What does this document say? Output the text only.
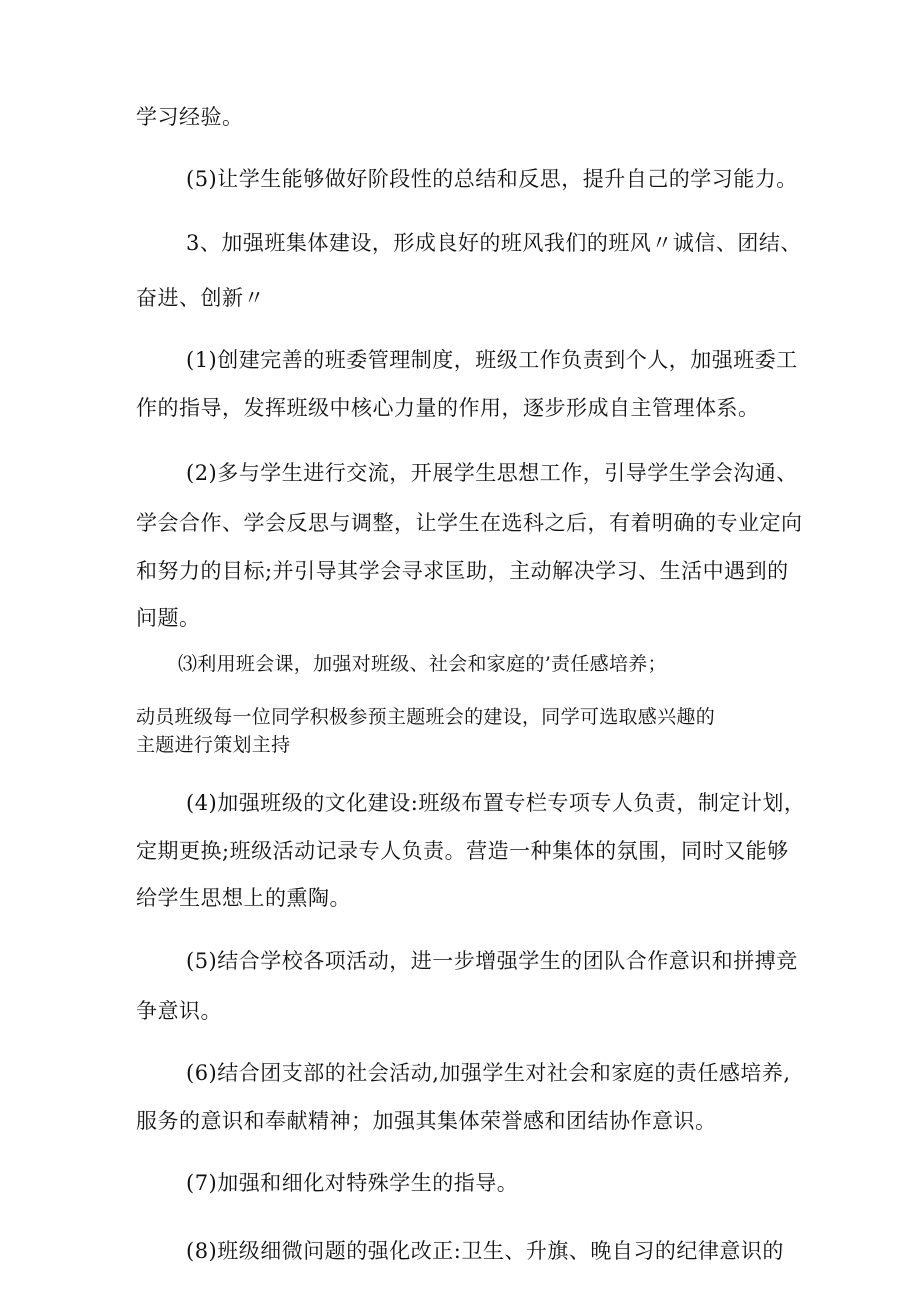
学习经验。
(5)让学生能够做好阶段性的总结和反思，提升自己的学习能力。
3、加强班集体建设，形成良好的班风我们的班风〃诚信、团结、
奋进、创新〃
(1)创建完善的班委管理制度，班级工作负责到个人，加强班委工
作的指导，发挥班级中核心力量的作用，逐步形成自主管理体系。
(2)多与学生进行交流，开展学生思想工作，引导学生学会沟通、
学会合作、学会反思与调整，让学生在选科之后，有着明确的专业定向
和努力的目标;并引导其学会寻求匡助，主动解决学习、生活中遇到的
问题。
⑶利用班会课，加强对班级、社会和家庭的’责任感培养；
动员班级每一位同学积极参预主题班会的建设，同学可选取感兴趣的
主题进行策划主持
(4)加强班级的文化建设:班级布置专栏专项专人负责，制定计划，
定期更换;班级活动记录专人负责。营造一种集体的氛围，同时又能够
给学生思想上的熏陶。
(5)结合学校各项活动，进一步增强学生的团队合作意识和拼搏竞
争意识。
(6)结合团支部的社会活动,加强学生对社会和家庭的责任感培养,
服务的意识和奉献精神；加强其集体荣誉感和团结协作意识。
(7)加强和细化对特殊学生的指导。
(8)班级细微问题的强化改正:卫生、升旗、晚自习的纪律意识的
